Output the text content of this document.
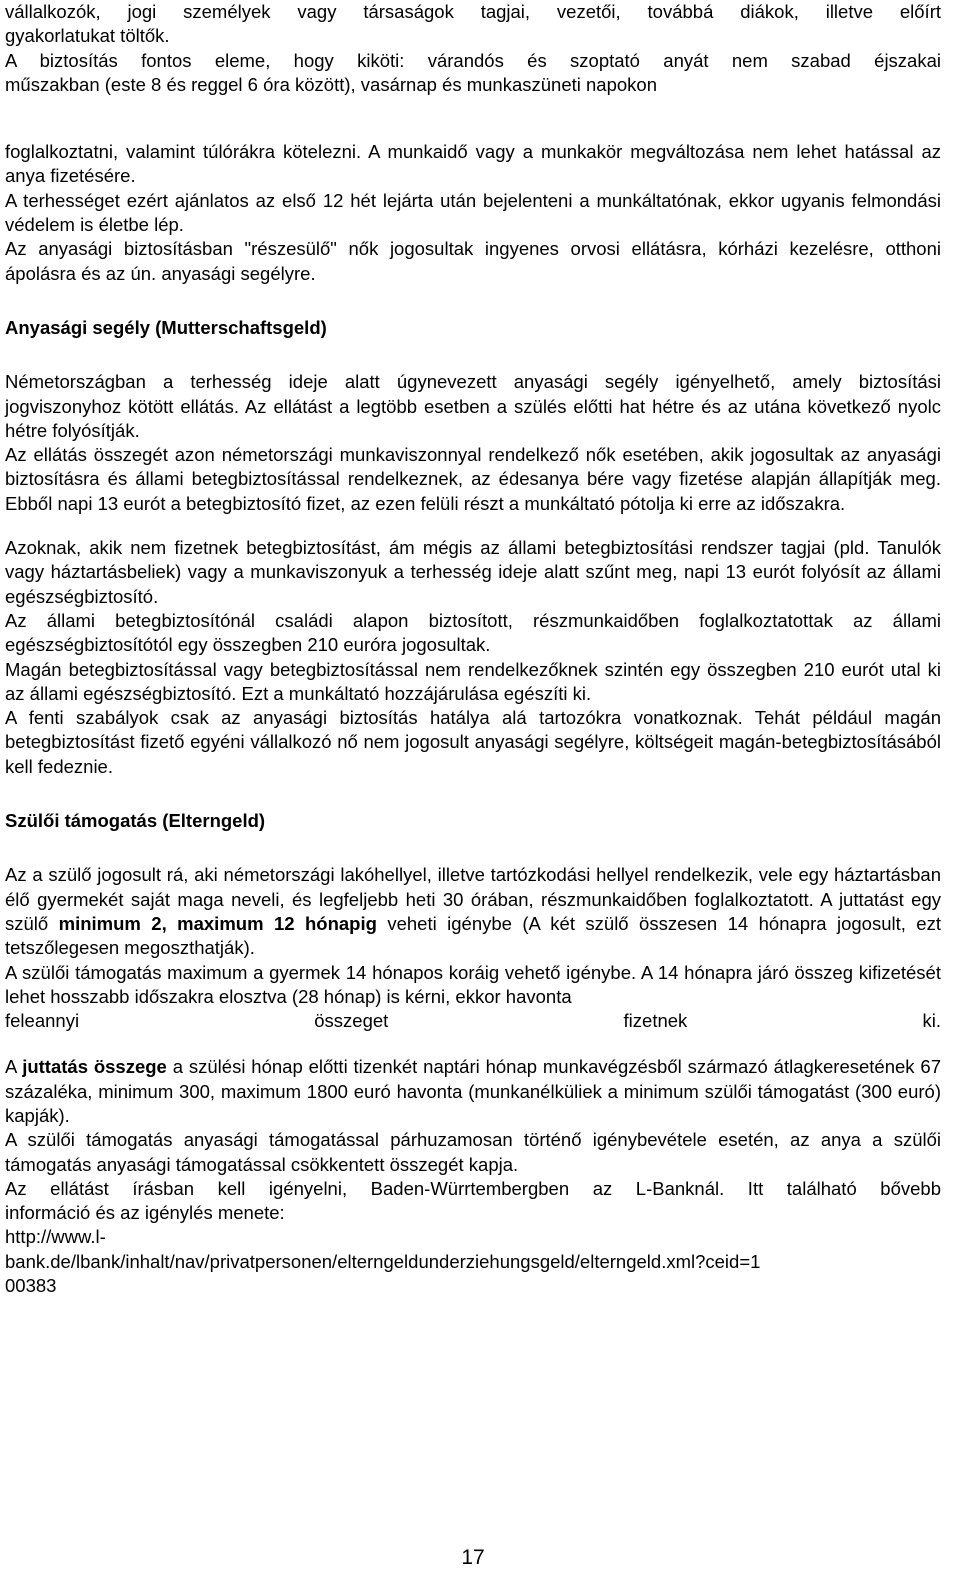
vállalkozók, jogi személyek vagy társaságok tagjai, vezetői, továbbá diákok, illetve előírt
gyakorlatukat töltők.

A biztosítás fontos eleme, hogy kiköti: várandós és szoptató anyát nem szabad éjszakai
műszakban (este 8 és reggel 6 óra között), vasárnap és munkaszüneti napokon

foglalkoztatni, valamint túlórákra kötelezni. A munkaidő vagy a munkakör megváltozása nem lehet hatással az anya fizetésére.

A terhességet ezért ajánlatos az első 12 hét lejárta után bejelenteni a munkáltatónak, ekkor ugyanis felmondási védelem is életbe lép.

Az anyasági biztosításban "részesülő" nők jogosultak ingyenes orvosi ellátásra, kórházi kezelésre, otthoni ápolásra és az ún. anyasági segélyre.

Anyasági segély (Mutterschaftsgeld)

Németországban a terhesség ideje alatt úgynevezett anyasági segély igényelhető, amely biztosítási jogviszonyhoz kötött ellátás. Az ellátást a legtöbb esetben a szülés előtti hat hétre és az utána következő nyolc hétre folyósítják.

Az ellátás összegét azon németországi munkaviszonnyal rendelkező nők esetében, akik jogosultak az anyasági biztosításra és állami betegbiztosítással rendelkeznek, az édesanya bére vagy fizetése alapján állapítják meg. Ebből napi 13 eurót a betegbiztosító fizet, az ezen felüli részt a munkáltató pótolja ki erre az időszakra.

Azoknak, akik nem fizetnek betegbiztosítást, ám mégis az állami betegbiztosítási rendszer tagjai (pld. Tanulók vagy háztartásbeliek) vagy a munkaviszonyuk a terhesség ideje alatt szűnt meg, napi 13 eurót folyósít az állami egészségbiztosító.

Az állami betegbiztosítónál családi alapon biztosított, részmunkaidőben foglalkoztatottak az állami egészségbiztosítótól egy összegben 210 euróra jogosultak.

Magán betegbiztosítással vagy betegbiztosítással nem rendelkezőknek szintén egy összegben 210 eurót utal ki az állami egészségbiztosító. Ezt a munkáltató hozzájárulása egészíti ki.

A fenti szabályok csak az anyasági biztosítás hatálya alá tartozókra vonatkoznak. Tehát például magán betegbiztosítást fizető egyéni vállalkozó nő nem jogosult anyasági segélyre, költségeit magán-betegbiztosításából kell fedeznie.

Szülői támogatás (Elterngeld)

Az a szülő jogosult rá, aki németországi lakóhellyel, illetve tartózkodási hellyel rendelkezik, vele egy háztartásban élő gyermekét saját maga neveli, és legfeljebb heti 30 órában, részmunkaidőben foglalkoztatott. A juttatást egy szülő minimum 2, maximum 12 hónapig veheti igénybe (A két szülő összesen 14 hónapra jogosult, ezt tetszőlegesen megoszthatják).

A szülői támogatás maximum a gyermek 14 hónapos koráig vehető igénybe. A 14 hónapra járó összeg kifizetését lehet hosszabb időszakra elosztva (28 hónap) is kérni, ekkor havonta
feleannyi összeget fizetnek ki.

A juttatás összege a szülési hónap előtti tizenkét naptári hónap munkavégzésből származó átlagkeresetének 67 százaléka, minimum 300, maximum 1800 euró havonta (munkanélküliek a minimum szülői támogatást (300 euró) kapják).

A szülői támogatás anyasági támogatással párhuzamosan történő igénybevétele esetén, az anya a szülői támogatás anyasági támogatással csökkentett összegét kapja.

Az ellátást írásban kell igényelni, Baden-Würrtembergben az L-Banknál. Itt található bővebb
információ és az igénylés menete:

http://www.l-
bank.de/lbank/inhalt/nav/privatpersonen/elterngeldunderziehungsgeld/elterngeld.xml?ceid=1
00383

17
